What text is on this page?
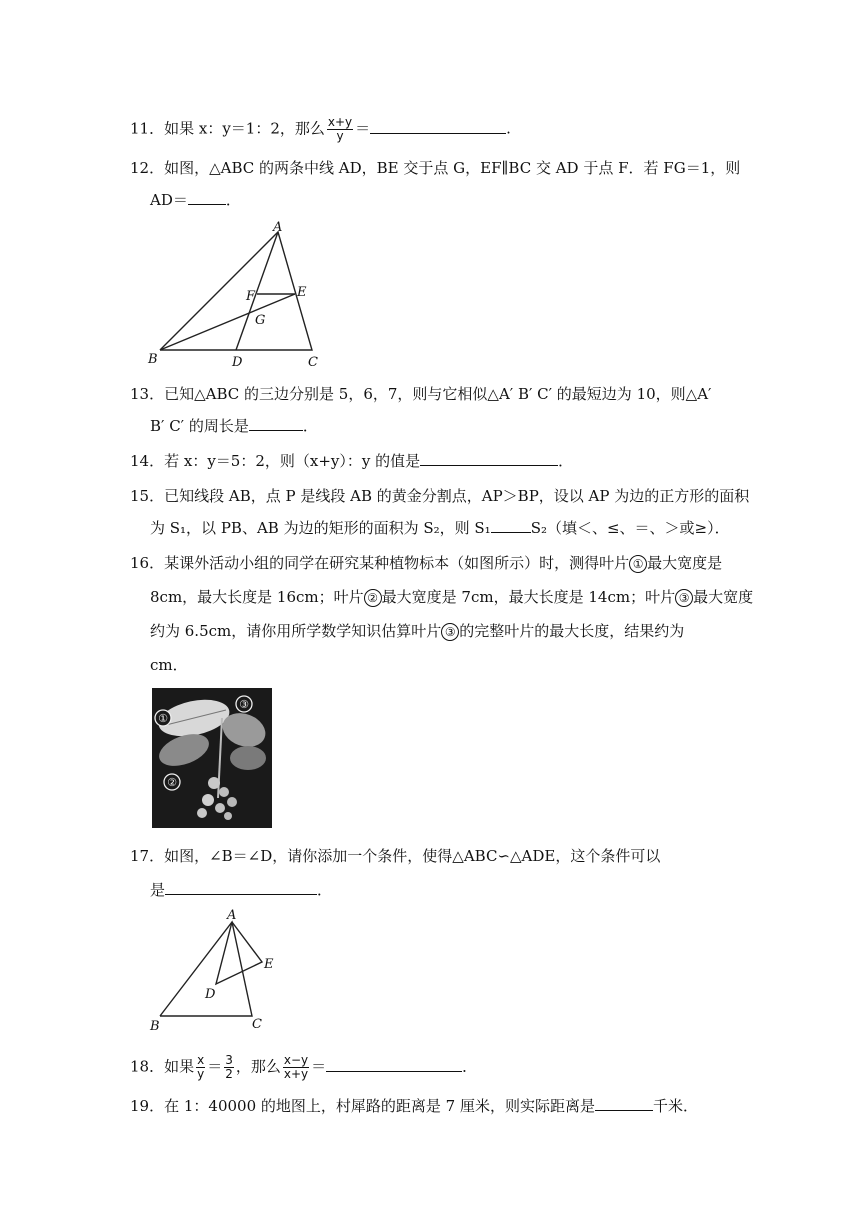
11．如果 x：y＝1：2，那么 $\frac{x+y}{y}$ ＝	.
12．如图，△ABC 的两条中线 AD，BE 交于点 G，EF∥BC 交 AD 于点 F．若 FG＝1，则
AD＝	．
A
B	C
D
E
F
G
13．已知△ABC 的三边分别是 5，6，7，则与它相似△A′ B′ C′ 的最短边为 10，则△A′
B′ C′ 的周长是	．
14．若 x：y＝5：2，则（x+y）：y 的值是	．
15．已知线段 AB，点 P 是线段 AB 的黄金分割点，AP＞BP，设以 AP 为边的正方形的面积
为 S₁，以 PB、AB 为边的矩形的面积为 S₂，则 S₁	S₂（填＜、≤、＝、＞或≥）．
16．某课外活动小组的同学在研究某种植物标本（如图所示）时，测得叶片 ① 最大宽度是
8cm，最大长度是 16cm；叶片 ② 最大宽度是 7cm，最大长度是 14cm；叶片 ③ 最大宽度
约为 6.5cm，请你用所学数学知识估算叶片 ③ 的完整叶片的最大长度，结果约为
cm．
①
②
③
17．如图，∠B＝∠D，请你添加一个条件，使得△ABC∽△ADE，这个条件可以
是	．
A
B	C
D
E
18．如果 $\frac{x}{y} = \frac{3}{2}$ ，那么 $\frac{x-y}{x+y}$ ＝	．
19．在 1：40000 的地图上，村犀路的距离是 7 厘米，则实际距离是	千米．
